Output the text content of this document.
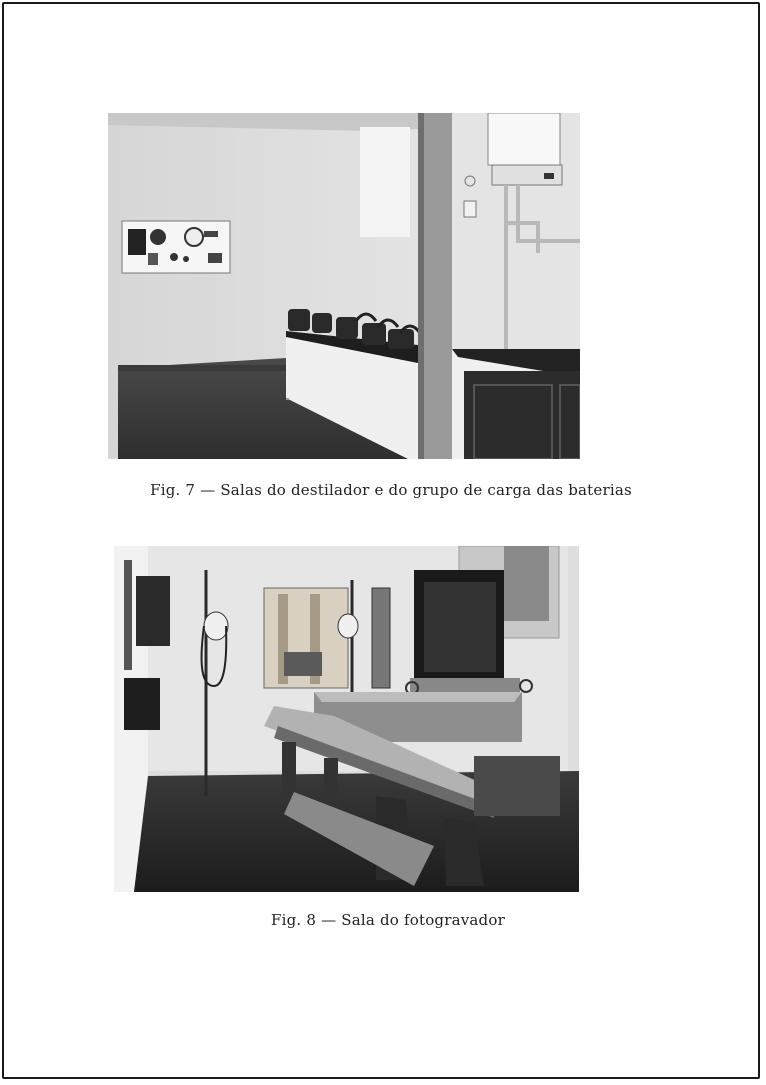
Fig. 7 — Salas do destilador e do grupo de carga das baterias
Fig. 8 — Sala do fotogravador
